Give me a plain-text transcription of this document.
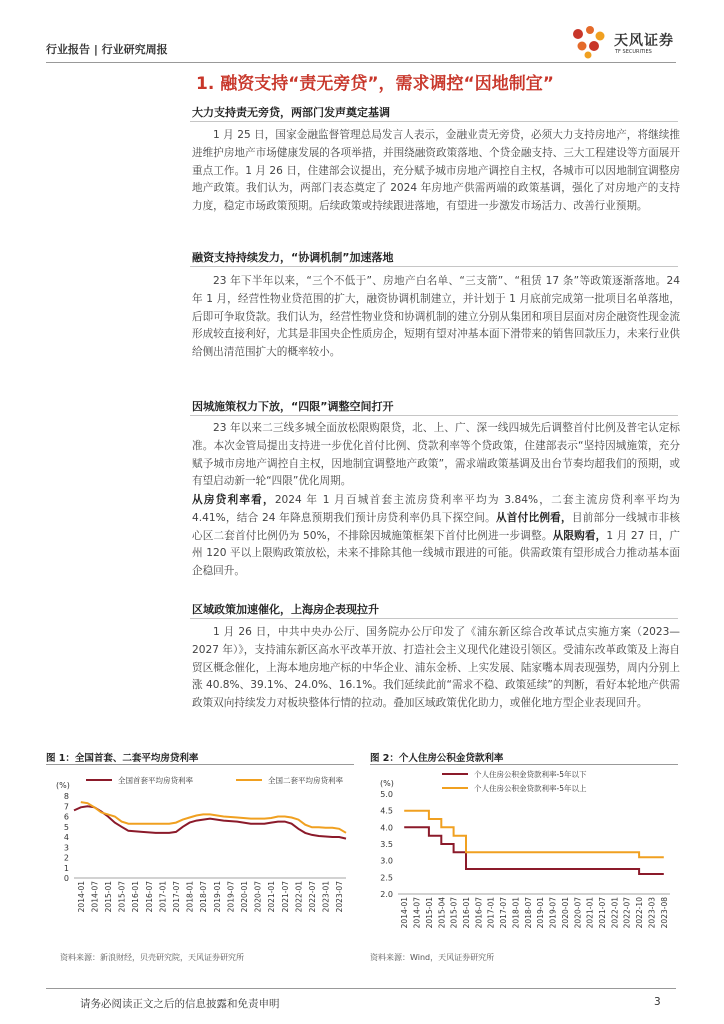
行业报告 | 行业研究周报
天风证券
TF SECURITIES
1. 融资支持“责无旁贷”，需求调控“因地制宜”
大力支持责无旁贷，两部门发声奠定基调

1 月 25 日，国家金融监督管理总局发言人表示，金融业责无旁贷，必须大力支持房地产，将继续推进维护房地产市场健康发展的各项举措，并围绕融资政策落地、个贷金融支持、三大工程建设等方面展开重点工作。1 月 26 日，住建部会议提出，充分赋予城市房地产调控自主权，各城市可以因地制宜调整房地产政策。我们认为，两部门表态奠定了 2024 年房地产供需两端的政策基调，强化了对房地产的支持力度，稳定市场政策预期。后续政策或持续跟进落地，有望进一步激发市场活力、改善行业预期。

融资支持持续发力，“协调机制”加速落地

23 年下半年以来，“三个不低于”、房地产白名单、“三支箭”、“租赁 17 条”等政策逐渐落地。24 年 1 月，经营性物业贷范围的扩大，融资协调机制建立，并计划于 1 月底前完成第一批项目名单落地，后即可争取贷款。我们认为，经营性物业贷和协调机制的建立分别从集团和项目层面对房企融资性现金流形成较直接利好，尤其是非国央企性质房企，短期有望对冲基本面下滑带来的销售回款压力，未来行业供给侧出清范围扩大的概率较小。

因城施策权力下放，“四限”调整空间打开

23 年以来二三线多城全面放松限购限贷，北、上、广、深一线四城先后调整首付比例及普宅认定标准。本次金管局提出支持进一步优化首付比例、贷款利率等个贷政策，住建部表示“坚持因城施策，充分赋予城市房地产调控自主权，因地制宜调整地产政策”，需求端政策基调及出台节奏均超我们的预期，或有望启动新一轮“四限”优化周期。

从房贷利率看，2024 年 1 月百城首套主流房贷利率平均为 3.84%，二套主流房贷利率平均为 4.41%，结合 24 年降息预期我们预计房贷利率仍具下探空间。从首付比例看，目前部分一线城市非核心区二套首付比例仍为 50%，不排除因城施策框架下首付比例进一步调整。从限购看，1 月 27 日，广州 120 平以上限购政策放松，未来不排除其他一线城市跟进的可能。供需政策有望形成合力推动基本面企稳回升。

区域政策加速催化，上海房企表现拉升

1 月 26 日，中共中央办公厅、国务院办公厅印发了《浦东新区综合改革试点实施方案（2023—2027 年）》，支持浦东新区高水平改革开放、打造社会主义现代化建设引领区。受浦东改革政策及上海自贸区概念催化，上海本地房地产标的中华企业、浦东金桥、上实发展、陆家嘴本周表现强势，周内分别上涨 40.8%、39.1%、24.0%、16.1%。我们延续此前“需求不稳、政策延续”的判断，看好本轮地产供需政策双向持续发力对板块整体行情的拉动。叠加区域政策优化助力，或催化地方型企业表现回升。

图 1：全国首套、二套平均房贷利率	图 2：个人住房公积金贷款利率
(%)
0
1
2
3
4
5
6
7
8
2014-01 2014-07 2015-01 2015-07 2016-01 2016-07 2017-01 2017-07 2018-01 2018-07 2019-01 2019-07 2020-01 2020-07 2021-01 2021-07 2022-01 2022-07 2023-01 2023-07
全国首套平均房贷利率	全国二套平均房贷利率	(%)
2.0
2.5
3.0
3.5
4.0
4.5
5.0
2014-01 2014-07 2015-01 2015-04 2015-07 2016-01 2016-07 2017-01 2017-07 2018-01 2018-07 2019-01 2019-07 2020-01 2020-07 2021-01 2021-07 2022-01 2022-07 2022-10 2023-03 2023-08
个人住房公积金贷款利率-5年以下
个人住房公积金贷款利率-5年以上
资料来源：新浪财经，贝壳研究院，天风证券研究所	资料来源：Wind，天风证券研究所
请务必阅读正文之后的信息披露和免责申明	3
